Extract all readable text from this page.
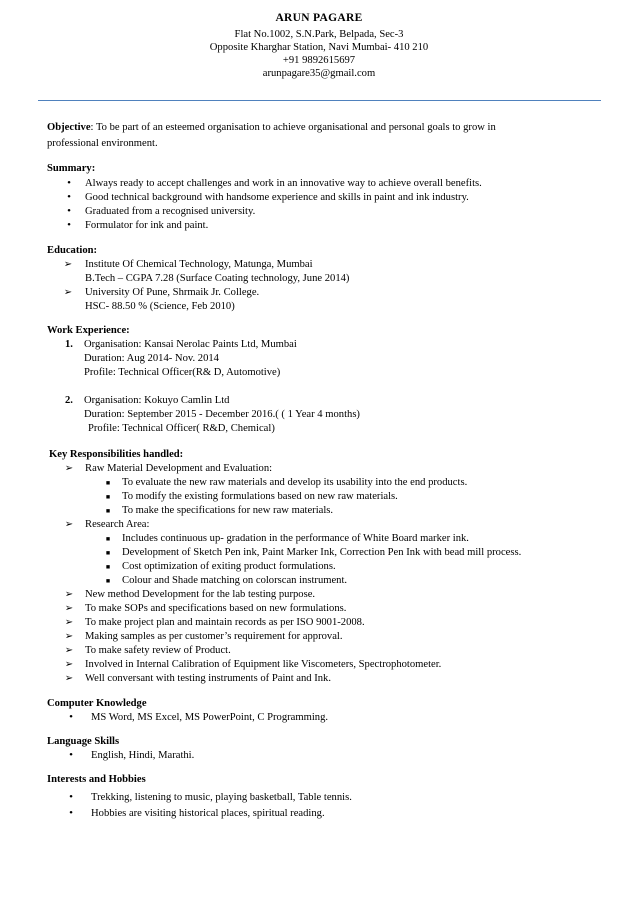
ARUN PAGARE
Flat No.1002, S.N.Park, Belpada, Sec-3
Opposite Kharghar Station, Navi Mumbai- 410 210
+91 9892615697
arunpagare35@gmail.com
Objective: To be part of an esteemed organisation to achieve organisational and personal goals to grow in
professional environment.
Summary:
• Always ready to accept challenges and work in an innovative way to achieve overall benefits.
• Good technical background with handsome experience and skills in paint and ink industry.
• Graduated from a recognised university.
• Formulator for ink and paint.
Education:
➢ Institute Of Chemical Technology, Matunga, Mumbai
B.Tech – CGPA 7.28 (Surface Coating technology, June 2014)
➢ University Of Pune, Shrmaik Jr. College.
HSC- 88.50 % (Science, Feb 2010)
Work Experience:
1. Organisation: Kansai Nerolac Paints Ltd, Mumbai
Duration: Aug 2014- Nov. 2014
Profile: Technical Officer(R& D, Automotive)
2. Organisation: Kokuyo Camlin Ltd
Duration: September 2015 - December 2016.( ( 1 Year 4 months)
Profile: Technical Officer( R&D, Chemical)
Key Responsibilities handled:
➢ Raw Material Development and Evaluation:
■ To evaluate the new raw materials and develop its usability into the end products.
■ To modify the existing formulations based on new raw materials.
■ To make the specifications for new raw materials.
➢ Research Area:
■ Includes continuous up- gradation in the performance of White Board marker ink.
■ Development of Sketch Pen ink, Paint Marker Ink, Correction Pen Ink with bead mill process.
■ Cost optimization of exiting product formulations.
■ Colour and Shade matching on colorscan instrument.
➢ New method Development for the lab testing purpose.
➢ To make SOPs and specifications based on new formulations.
➢ To make project plan and maintain records as per ISO 9001-2008.
➢ Making samples as per customer’s requirement for approval.
➢ To make safety review of Product.
➢ Involved in Internal Calibration of Equipment like Viscometers, Spectrophotometer.
➢ Well conversant with testing instruments of Paint and Ink.
Computer Knowledge
• MS Word, MS Excel, MS PowerPoint, C Programming.
Language Skills
• English, Hindi, Marathi.
Interests and Hobbies
• Trekking, listening to music, playing basketball, Table tennis.
• Hobbies are visiting historical places, spiritual reading.
